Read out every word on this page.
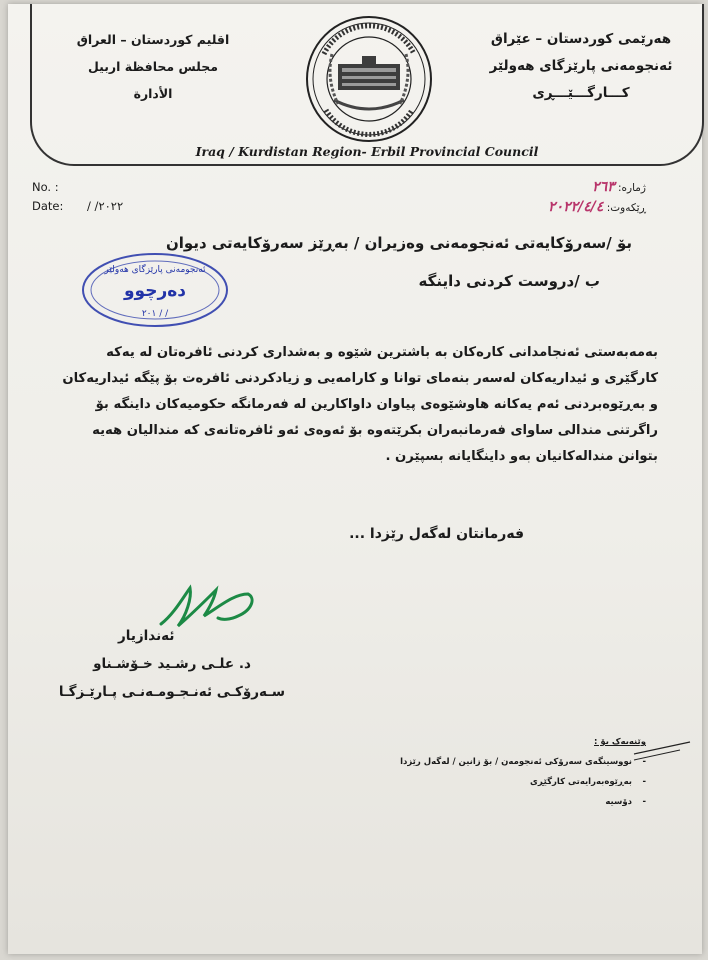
اقليم كوردستان – العراق
مجلس محافظة اربيل
الأدارة
هەرێمی کوردستان – عێراق
ئەنجومەنی پارێزگای هەولێر
کـــارگـــێـــڕی
Iraq / Kurdistan Region- Erbil Provincial Council
No. :
Date: / /٢٠٢٢
ژمارە: ٢٦٣
ڕێکەوت: ٢٠٢٢/٤/٤
بۆ /سەرۆکایەتی ئەنجومەنی وەزیران / بەڕێز سەرۆکایەتی دیوان
ب /دروست کردنی داینگە
ئەنجومەنی پارێزگای هەولێر
دەرچوو
٢٠١ / /
بەمەبەستی ئەنجامدانی کارەکان بە باشترین شێوە و بەشداری کردنی ئافرەتان لە یەکە کارگێری و ئیداریەکان لەسەر بنەمای توانا و کارامەیی و زیادکردنی ئافرەت بۆ پێگە ئیداریەکان و بەڕێوەبردنی ئەم یەکانە هاوشێوەی پیاوان داواکارین لە فەرمانگە حکومیەکان داینگە بۆ راگرتنی مندالی ساوای فەرمانبەران بکرێتەوە بۆ ئەوەی ئەو ئافرەتانەی کە مندالیان هەیە بتوانن مندالەکانیان بەو داینگایانە بسپێرن .
فەرمانتان لەگەل رێزدا ...
ئەندازیار
د. علـی رشـید خـۆشـناو
سـەرۆکـی ئەنـجـومـەنـی پـارێـزگـا
وێنەیەک بۆ :
نووسینگەی سەرۆکی ئەنجومەن / بۆ زانین / لەگەل رێزدا -
بەڕێوەبەرایەتی کارگێڕی -
دۆسیە -
